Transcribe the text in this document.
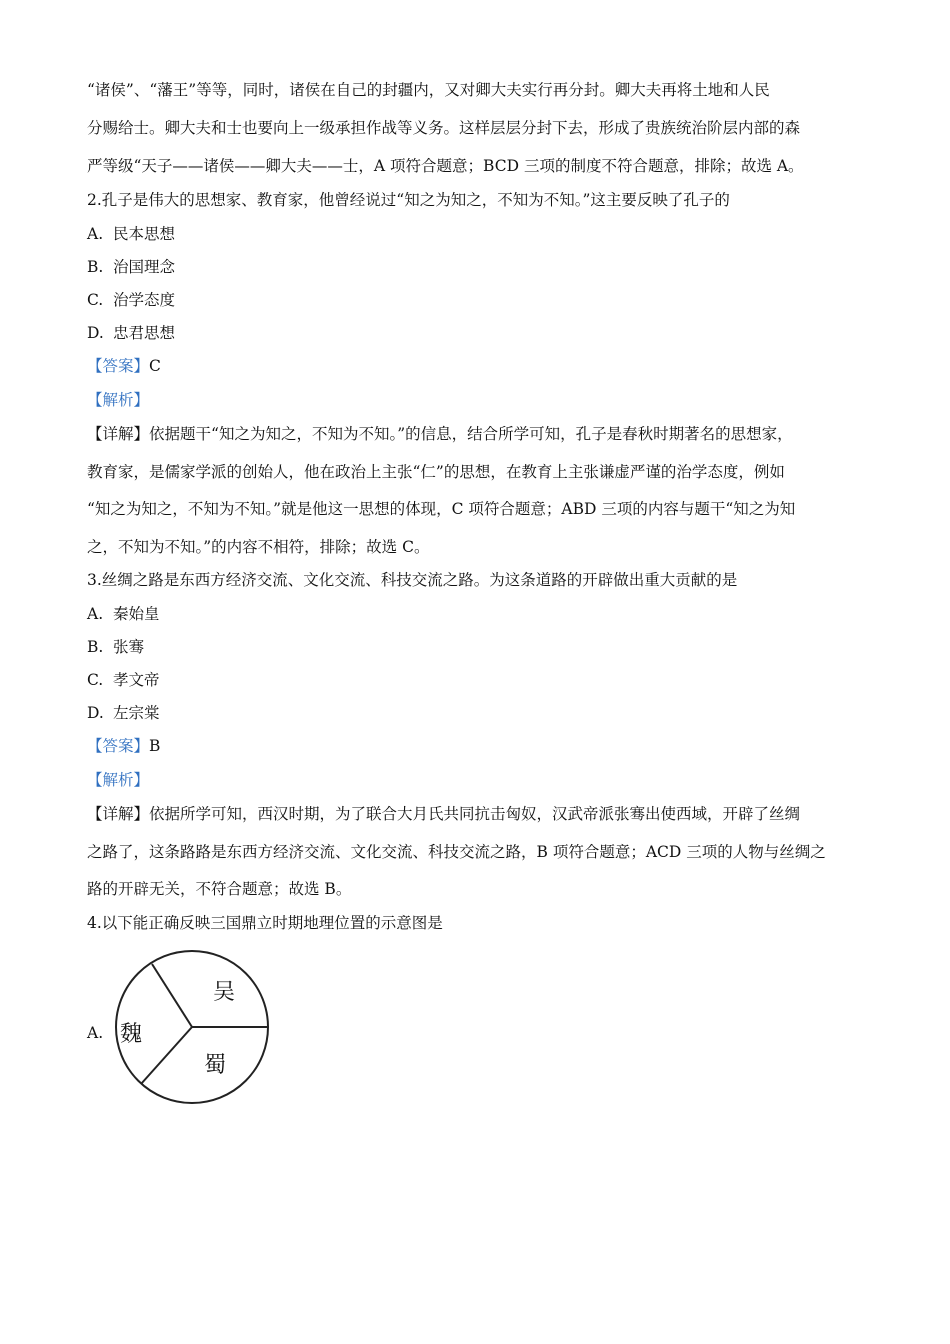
“诸侯”、“藩王”等等，同时，诸侯在自己的封疆内，又对卿大夫实行再分封。卿大夫再将土地和人民
分赐给士。卿大夫和士也要向上一级承担作战等义务。这样层层分封下去，形成了贵族统治阶层内部的森
严等级“天子——诸侯——卿大夫——士，A 项符合题意；BCD 三项的制度不符合题意，排除；故选 A。
2.孔子是伟大的思想家、教育家，他曾经说过“知之为知之，不知为不知。”这主要反映了孔子的
A. 民本思想
B. 治国理念
C. 治学态度
D. 忠君思想
【答案】C
【解析】
【详解】依据题干“知之为知之，不知为不知。”的信息，结合所学可知，孔子是春秋时期著名的思想家，
教育家，是儒家学派的创始人，他在政治上主张“仁”的思想，在教育上主张谦虚严谨的治学态度，例如
“知之为知之，不知为不知。”就是他这一思想的体现，C 项符合题意；ABD 三项的内容与题干“知之为知
之，不知为不知。”的内容不相符，排除；故选 C。
3.丝绸之路是东西方经济交流、文化交流、科技交流之路。为这条道路的开辟做出重大贡献的是
A. 秦始皇
B. 张骞
C. 孝文帝
D. 左宗棠
【答案】B
【解析】
【详解】依据所学可知，西汉时期，为了联合大月氏共同抗击匈奴，汉武帝派张骞出使西域，开辟了丝绸
之路了，这条路路是东西方经济交流、文化交流、科技交流之路，B 项符合题意；ACD 三项的人物与丝绸之
路的开辟无关，不符合题意；故选 B。
4.以下能正确反映三国鼎立时期地理位置的示意图是
A.
吴
魏
蜀
